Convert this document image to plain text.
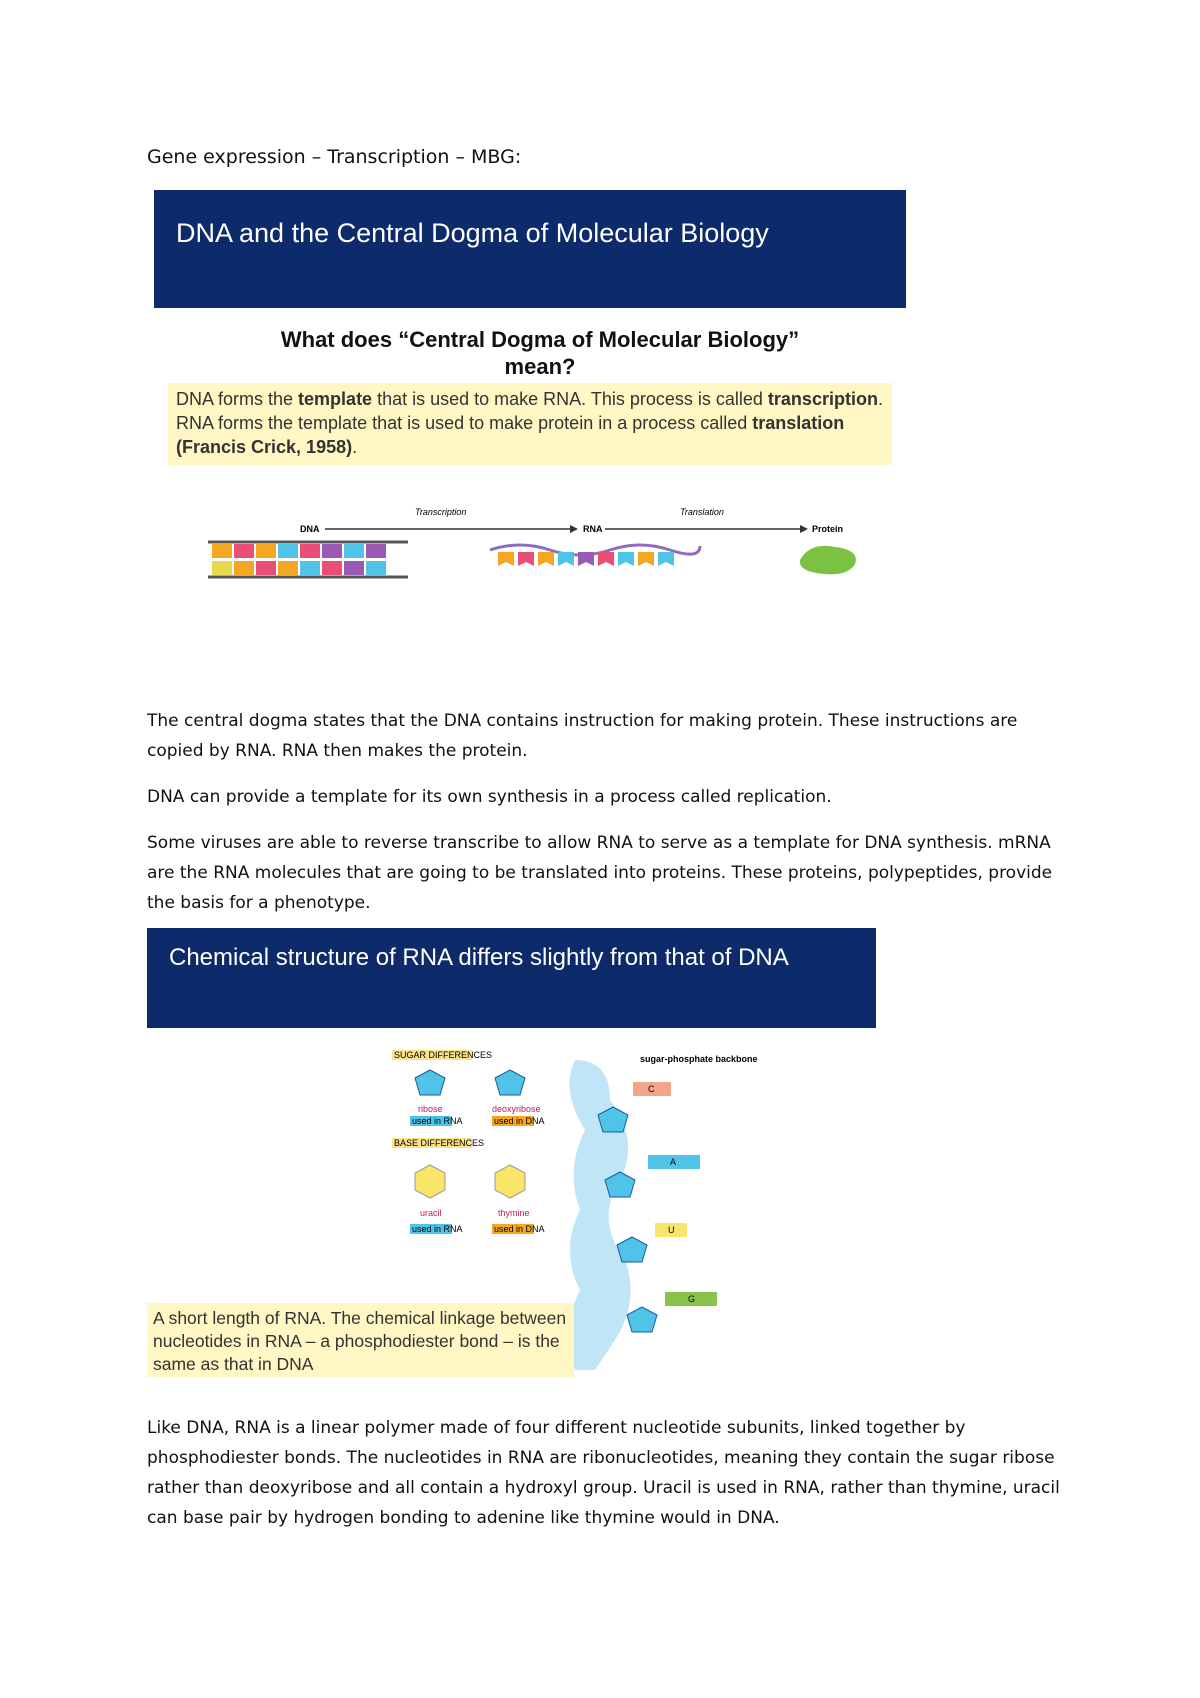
Gene expression – Transcription – MBG:
DNA and the Central Dogma of Molecular Biology
What does “Central Dogma of Molecular Biology”
mean?
DNA forms the template that is used to make RNA. This process is called transcription. RNA forms the template that is used to make protein in a process called translation (Francis Crick, 1958).
Transcription	Translation
DNA	RNA	Protein
The central dogma states that the DNA contains instruction for making protein. These instructions are copied by RNA. RNA then makes the protein.
DNA can provide a template for its own synthesis in a process called replication.
Some viruses are able to reverse transcribe to allow RNA to serve as a template for DNA synthesis. mRNA are the RNA molecules that are going to be translated into proteins. These proteins, polypeptides, provide the basis for a phenotype.
Chemical structure of RNA differs slightly from that of DNA
SUGAR DIFFERENCES
ribose	deoxyribose
used in RNA	used in DNA
BASE DIFFERENCES
uracil	thymine
used in RNA	used in DNA
sugar-phosphate backbone
C
A
U
G
A short length of RNA. The chemical linkage between nucleotides in RNA – a phosphodiester bond – is the same as that in DNA
Like DNA, RNA is a linear polymer made of four different nucleotide subunits, linked together by phosphodiester bonds. The nucleotides in RNA are ribonucleotides, meaning they contain the sugar ribose rather than deoxyribose and all contain a hydroxyl group. Uracil is used in RNA, rather than thymine, uracil can base pair by hydrogen bonding to adenine like thymine would in DNA.
